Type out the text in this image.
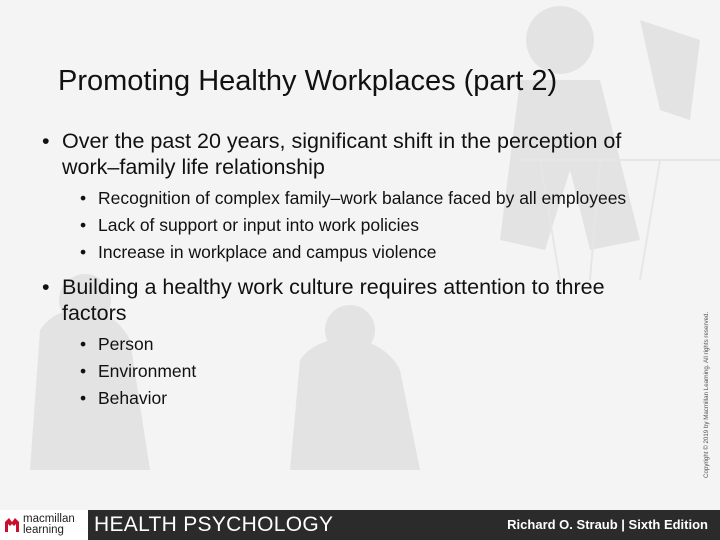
Promoting Healthy Workplaces (part 2)
• Over the past 20 years, significant shift in the perception of work–family life relationship
• Recognition of complex family–work balance faced by all employees
• Lack of support or input into work policies
• Increase in workplace and campus violence
• Building a healthy work culture requires attention to three factors
• Person
• Environment
• Behavior	Copyright © 2019 by Macmillan Learning. All rights reserved.
macmillan
learning	HEALTH PSYCHOLOGY	Richard O. Straub | Sixth Edition
